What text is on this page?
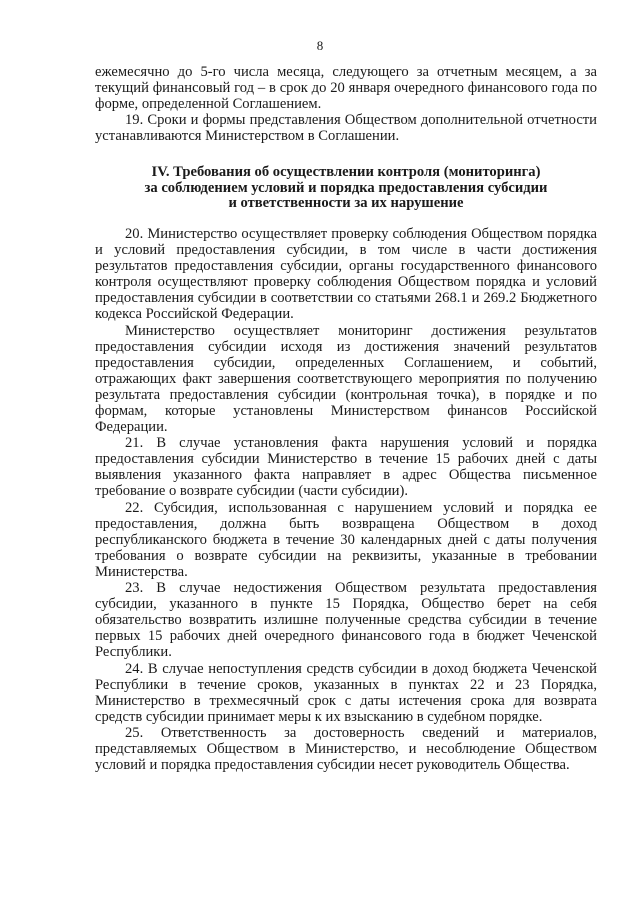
8

ежемесячно до 5-го числа месяца, следующего за отчетным месяцем, а за текущий финансовый год – в срок до 20 января очередного финансового года по форме, определенной Соглашением.

19. Сроки и формы представления Обществом дополнительной отчетности устанавливаются Министерством в Соглашении.

IV. Требования об осуществлении контроля (мониторинга)
за соблюдением условий и порядка предоставления субсидии
и ответственности за их нарушение

20. Министерство осуществляет проверку соблюдения Обществом порядка и условий предоставления субсидии, в том числе в части достижения результатов предоставления субсидии, органы государственного финансового контроля осуществляют проверку соблюдения Обществом порядка и условий предоставления субсидии в соответствии со статьями 268.1 и 269.2 Бюджетного кодекса Российской Федерации.

Министерство осуществляет мониторинг достижения результатов предоставления субсидии исходя из достижения значений результатов предоставления субсидии, определенных Соглашением, и событий, отражающих факт завершения соответствующего мероприятия по получению результата предоставления субсидии (контрольная точка), в порядке и по формам, которые установлены Министерством финансов Российской Федерации.

21. В случае установления факта нарушения условий и порядка предоставления субсидии Министерство в течение 15 рабочих дней с даты выявления указанного факта направляет в адрес Общества письменное требование о возврате субсидии (части субсидии).

22. Субсидия, использованная с нарушением условий и порядка ее предоставления, должна быть возвращена Обществом в доход республиканского бюджета в течение 30 календарных дней с даты получения требования о возврате субсидии на реквизиты, указанные в требовании Министерства.

23. В случае недостижения Обществом результата предоставления субсидии, указанного в пункте 15 Порядка, Общество берет на себя обязательство возвратить излишне полученные средства субсидии в течение первых 15 рабочих дней очередного финансового года в бюджет Чеченской Республики.

24. В случае непоступления средств субсидии в доход бюджета Чеченской Республики в течение сроков, указанных в пунктах 22 и 23 Порядка, Министерство в трехмесячный срок с даты истечения срока для возврата средств субсидии принимает меры к их взысканию в судебном порядке.

25. Ответственность за достоверность сведений и материалов, представляемых Обществом в Министерство, и несоблюдение Обществом условий и порядка предоставления субсидии несет руководитель Общества.
